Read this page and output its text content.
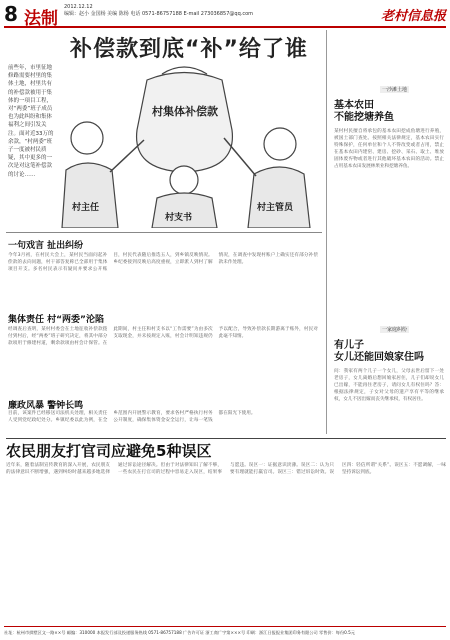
8 法制
2012.12.12
编辑：赵小 金国杨 美编 陈杨 电话 0571-86757188 E-mail 273036857@qq.com	老村信息报
补偿款到底“补”给了谁
前些年，市里征地修路需要村里的集体土地，村里共有的补偿款被用于集体的一项目工程，对“两委”班子成员也为此纠纷和集体福利之间引发关注。面对近33万的余款，“村两委”班子一度被村民质疑，其中更多的一次是对这笔补偿款的讨论……
村集体补偿款
村主任
村支书
村主管员
一句戏言 扯出纠纷
今年3月初，在村民大会上，某村民当面问起补偿款的去向问题，村干部答复称已全部用于集体项目开支。多名村民表示有疑问并要求公开账目，村民代表随后推选五人，到乡镇反映情况。乡纪委接到反映后高度重视，立即派人到村了解情况，在调查中发现村账户上确实还有部分补偿款未作处理。
集体责任 村“两委”沦陷
经调查后查明，某村村委会在土地征收补偿款拨付到村后，经“两委”班子研究决定，将其中部分款项用于修建村道，剩余款项由村会计保管。在此期间，村主任和村支书以“工作需要”为由多次支取现金，并未按规定入账，村会计明知违规仍予以配合，导致补偿款长期游离于账外，村民对此毫不知情。
廉政风暴 警钟长鸣
目前，该案件已经移送司法机关处理，相关责任人受到党纪政纪处分。乡镇纪委以此为例，在全乡范围内开展警示教育，要求各村严格执行村务公开制度，确保集体资金安全运行，让每一笔钱都在阳光下使用。
农民朋友打官司应避免5种误区
近年来，随着法制宣传教育的深入开展，农民朋友的法律意识不断增强，遇到纠纷时越来越多地选择通过诉讼途径解决。但由于对法律知识了解不够，一些农民在打官司的过程中容易走入误区，结果事与愿违。误区一：证据意识淡薄。误区二：认为只要有理就能打赢官司。误区三：错过诉讼时效。误区四：轻信所谓“关系”。误区五：不愿调解，一味坚持诉讼到底。
一沙滩土地
基本农田
不能挖塘养鱼
某村村民擅自将承包的基本农田挖成鱼塘进行养殖，被国土部门查处。按照相关法律规定，基本农田实行特殊保护，任何单位和个人不得改变或者占用，禁止在基本农田内建窑、建房、挖砂、采石、取土、堆放固体废弃物或者进行其他破坏基本农田的活动。禁止占用基本农田发展林果业和挖塘养鱼。
一家庭纠纷
有儿子
女儿还能回娘家住吗
问：我家有两个儿子一个女儿，父母去世后留下一处老房子，女儿离婚后想回娘家居住，儿子们却说女儿已出嫁，不能再住老房子，请问女儿有权住吗？答：根据法律规定，子女对父母的遗产享有平等的继承权，女儿不因出嫁而丧失继承权，有权居住。
社址：杭州市拱墅区文一路××号 邮编：310000 本报发行部及投递服务热线 0571-86757188 广告许可证 浙工商广字第×××号 印刷：浙江日报报业集团印务有限公司 零售价：每份0.5元
